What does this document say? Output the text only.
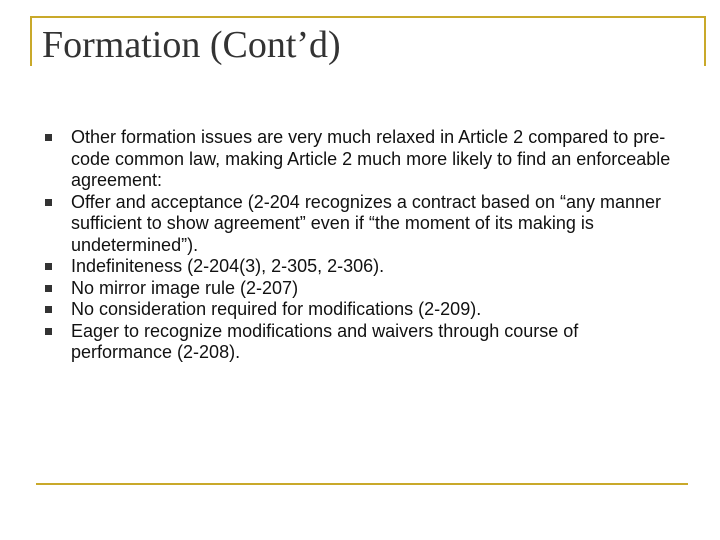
Formation (Cont’d)
Other formation issues are very much relaxed in Article 2 compared to pre-code common law, making Article 2 much more likely to find an enforceable agreement:
Offer and acceptance (2-204 recognizes a contract based on “any manner sufficient to show agreement” even if “the moment of its making is undetermined”).
Indefiniteness (2-204(3), 2-305, 2-306).
No mirror image rule (2-207)
No consideration required for modifications (2-209).
Eager to recognize modifications and waivers through course of performance (2-208).
